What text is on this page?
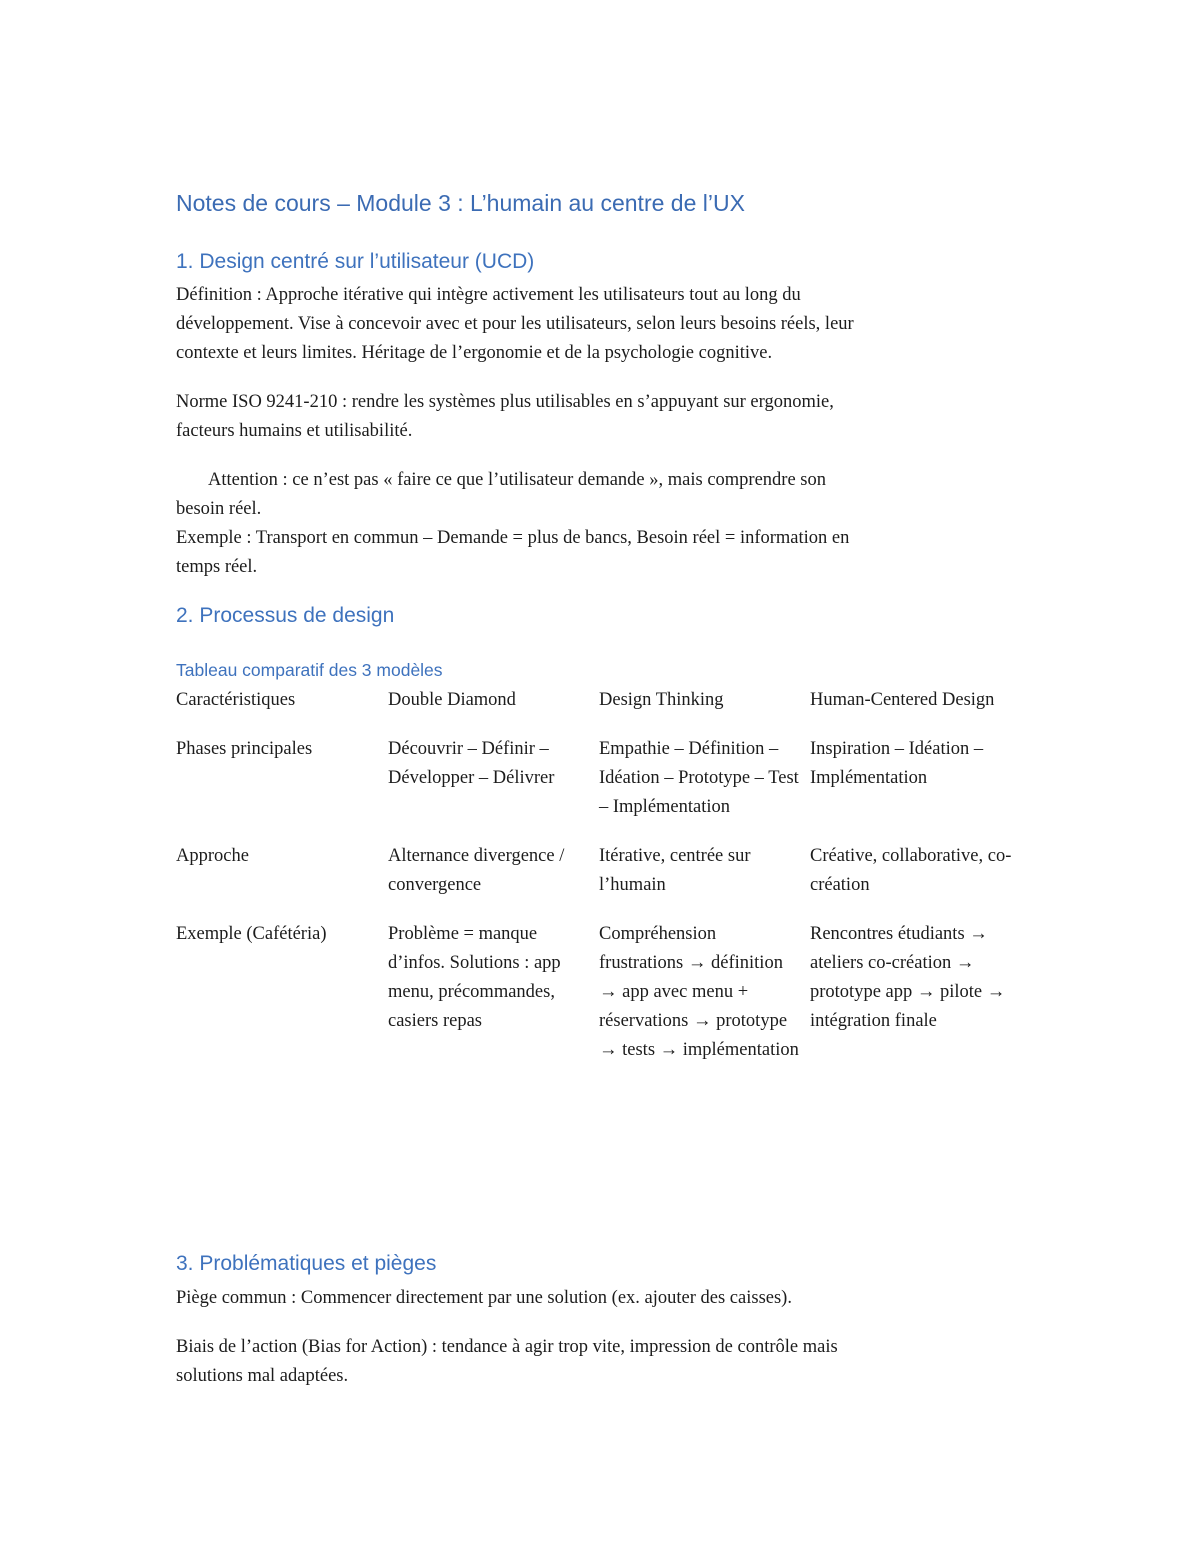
Notes de cours – Module 3 : L’humain au centre de l’UX
1. Design centré sur l’utilisateur (UCD)

Définition : Approche itérative qui intègre activement les utilisateurs tout au long du
développement. Vise à concevoir avec et pour les utilisateurs, selon leurs besoins réels, leur
contexte et leurs limites. Héritage de l’ergonomie et de la psychologie cognitive.

Norme ISO 9241-210 : rendre les systèmes plus utilisables en s’appuyant sur ergonomie,
facteurs humains et utilisabilité.

Attention : ce n’est pas « faire ce que l’utilisateur demande », mais comprendre son
besoin réel.
Exemple : Transport en commun – Demande = plus de bancs, Besoin réel = information en
temps réel.

2. Processus de design
Tableau comparatif des 3 modèles
Caractéristiques	Double Diamond	Design Thinking	Human-Centered Design
Phases principales	Découvrir – Définir – Développer – Délivrer	Empathie – Définition – Idéation – Prototype – Test – Implémentation	Inspiration – Idéation – Implémentation
Approche	Alternance divergence / convergence	Itérative, centrée sur l’humain	Créative, collaborative, co-création
Exemple (Cafétéria)	Problème = manque d’infos. Solutions : app menu, précommandes, casiers repas	Compréhension frustrations → définition → app avec menu + réservations → prototype → tests → implémentation	Rencontres étudiants → ateliers co-création → prototype app → pilote → intégration finale
3. Problématiques et pièges

Piège commun : Commencer directement par une solution (ex. ajouter des caisses).

Biais de l’action (Bias for Action) : tendance à agir trop vite, impression de contrôle mais
solutions mal adaptées.
